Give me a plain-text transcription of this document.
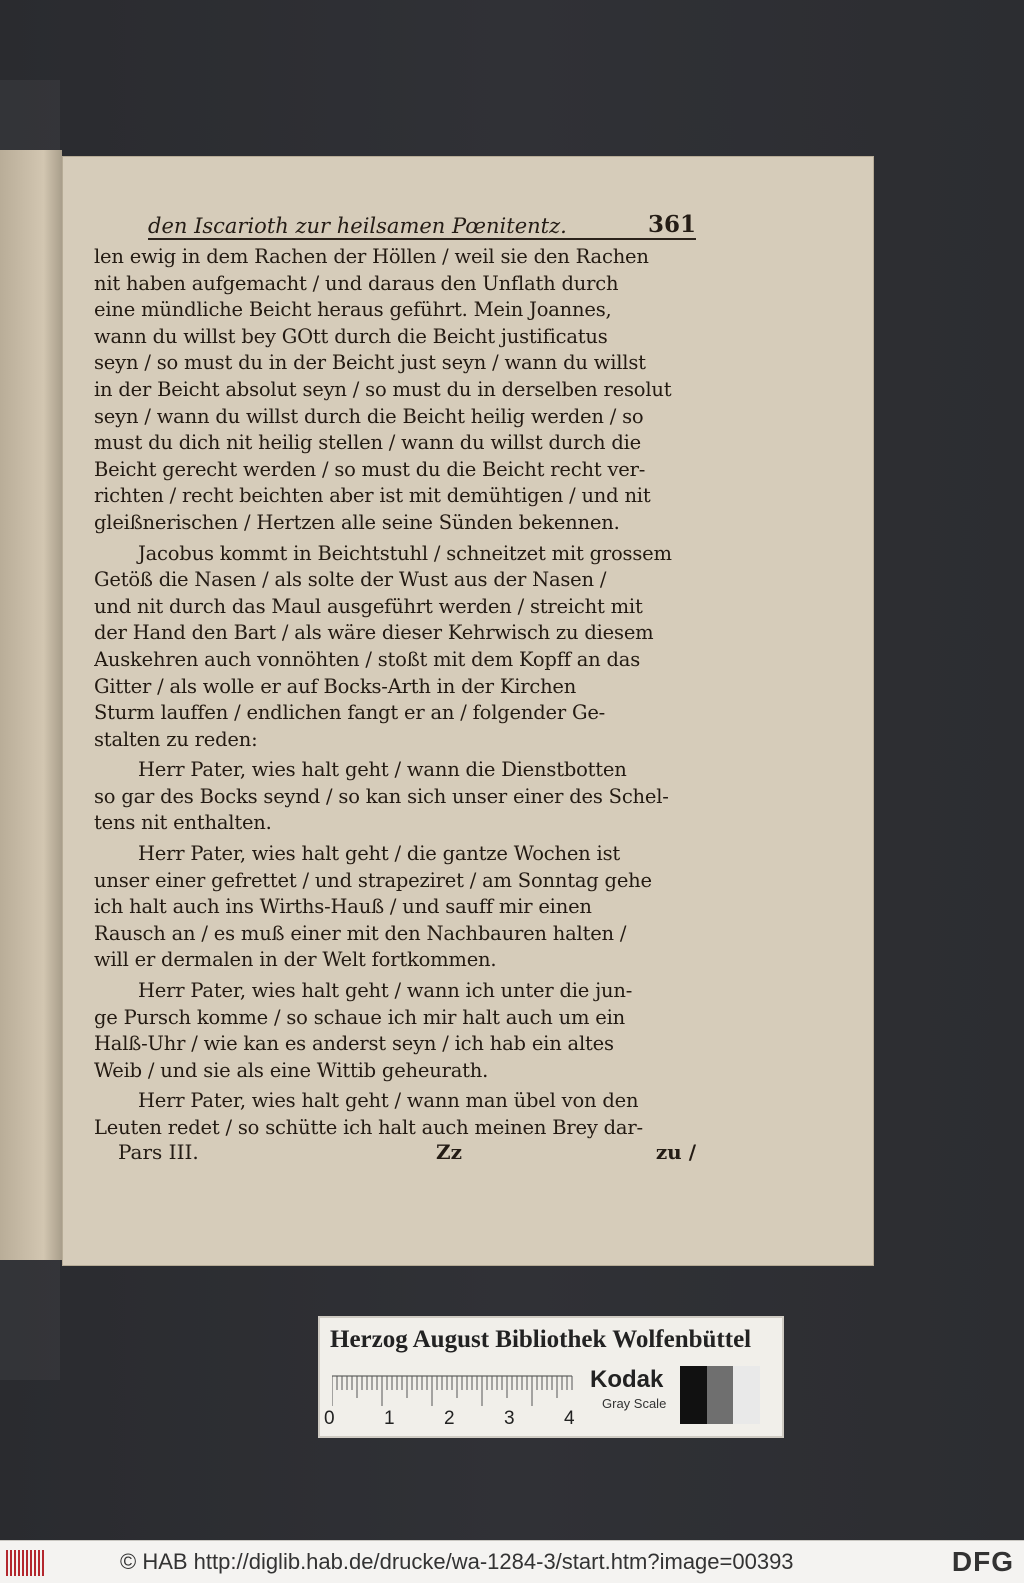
den Iscarioth zur heilsamen Pœnitentz.	361
len ewig in dem Rachen der Höllen / weil sie den Rachen
nit haben aufgemacht / und daraus den Unflath durch
eine mündliche Beicht heraus geführt. Mein Joannes,
wann du willst bey GOtt durch die Beicht justificatus
seyn / so must du in der Beicht just seyn / wann du willst
in der Beicht absolut seyn / so must du in derselben resolut
seyn / wann du willst durch die Beicht heilig werden / so
must du dich nit heilig stellen / wann du willst durch die
Beicht gerecht werden / so must du die Beicht recht ver-
richten / recht beichten aber ist mit demühtigen / und nit
gleißnerischen / Hertzen alle seine Sünden bekennen.
Jacobus kommt in Beichtstuhl / schneitzet mit grossem
Getöß die Nasen / als solte der Wust aus der Nasen /
und nit durch das Maul ausgeführt werden / streicht mit
der Hand den Bart / als wäre dieser Kehrwisch zu diesem
Auskehren auch vonnöhten / stoßt mit dem Kopff an das
Gitter / als wolle er auf Bocks-Arth in der Kirchen
Sturm lauffen / endlichen fangt er an / folgender Ge-
stalten zu reden:
Herr Pater, wies halt geht / wann die Dienstbotten
so gar des Bocks seynd / so kan sich unser einer des Schel-
tens nit enthalten.
Herr Pater, wies halt geht / die gantze Wochen ist
unser einer gefrettet / und strapeziret / am Sonntag gehe
ich halt auch ins Wirths-Hauß / und sauff mir einen
Rausch an / es muß einer mit den Nachbauren halten /
will er dermalen in der Welt fortkommen.
Herr Pater, wies halt geht / wann ich unter die jun-
ge Pursch komme / so schaue ich mir halt auch um ein
Halß-Uhr / wie kan es anderst seyn / ich hab ein altes
Weib / und sie als eine Wittib geheurath.
Herr Pater, wies halt geht / wann man übel von den
Leuten redet / so schütte ich halt auch meinen Brey dar-
Pars III.	Zz	zu /
Herzog August Bibliothek Wolfenbüttel
0	1	2	3	4
Kodak
Gray Scale
© HAB http://diglib.hab.de/drucke/wa-1284-3/start.htm?image=00393	DFG
